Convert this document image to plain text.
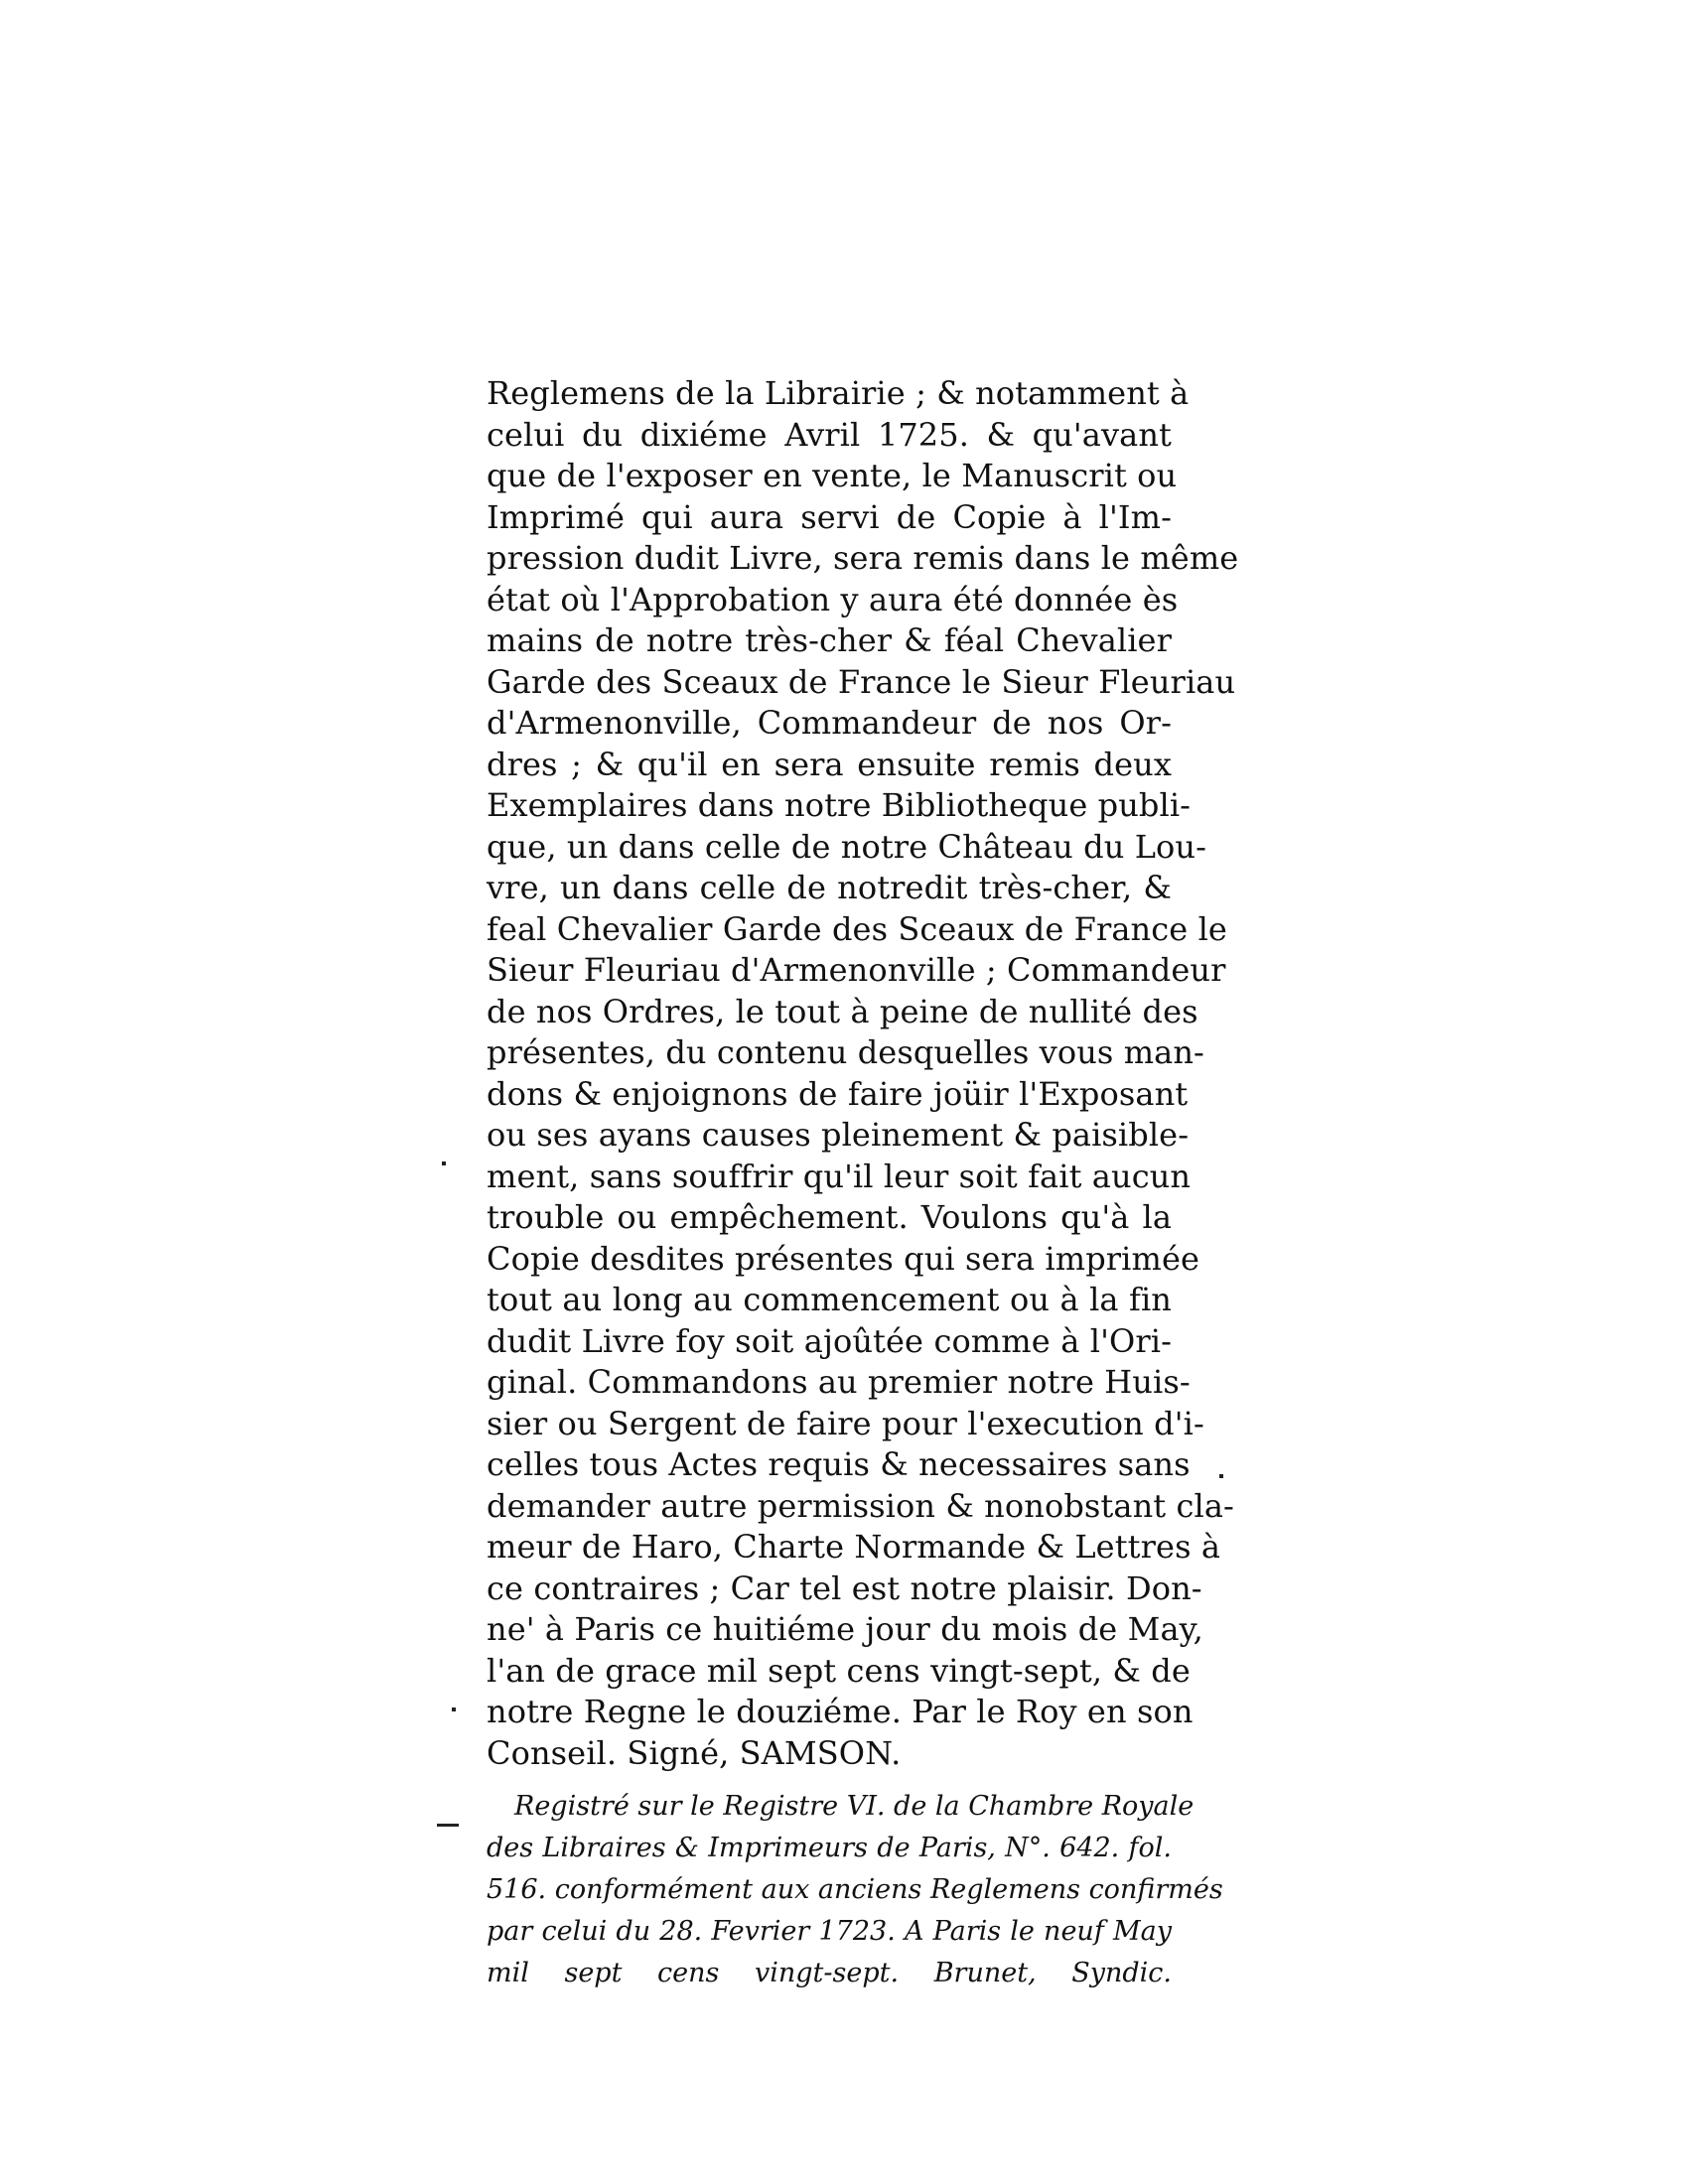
Reglemens de la Librairie ; & notamment à
celui du dixiéme Avril 1725. & qu'avant
que de l'exposer en vente, le Manuscrit ou
Imprimé qui aura servi de Copie à l'Im-
pression dudit Livre, sera remis dans le même
état où l'Approbation y aura été donnée ès
mains de notre très-cher & féal Chevalier
Garde des Sceaux de France le Sieur Fleuriau
d'Armenonville, Commandeur de nos Or-
dres ; & qu'il en sera ensuite remis deux
Exemplaires dans notre Bibliotheque publi-
que, un dans celle de notre Château du Lou-
vre, un dans celle de notredit très-cher, &
feal Chevalier Garde des Sceaux de France le
Sieur Fleuriau d'Armenonville ; Commandeur
de nos Ordres, le tout à peine de nullité des
présentes, du contenu desquelles vous man-
dons & enjoignons de faire joüir l'Exposant
ou ses ayans causes pleinement & paisible-
ment, sans souffrir qu'il leur soit fait aucun
trouble ou empêchement. Voulons qu'à la
Copie desdites présentes qui sera imprimée
tout au long au commencement ou à la fin
dudit Livre foy soit ajoûtée comme à l'Ori-
ginal. Commandons au premier notre Huis-
sier ou Sergent de faire pour l'execution d'i-
celles tous Actes requis & necessaires sans
demander autre permission & nonobstant cla-
meur de Haro, Charte Normande & Lettres à
ce contraires ; Car tel est notre plaisir. Don-
ne' à Paris ce huitiéme jour du mois de May,
l'an de grace mil sept cens vingt-sept, & de
notre Regne le douziéme. Par le Roy en son
Conseil. Signé, SAMSON.
Registré sur le Registre VI. de la Chambre Royale
des Libraires & Imprimeurs de Paris, N°. 642. fol.
516. conformément aux anciens Reglemens confirmés
par celui du 28. Fevrier 1723. A Paris le neuf May
mil sept cens vingt-sept. Brunet, Syndic.
